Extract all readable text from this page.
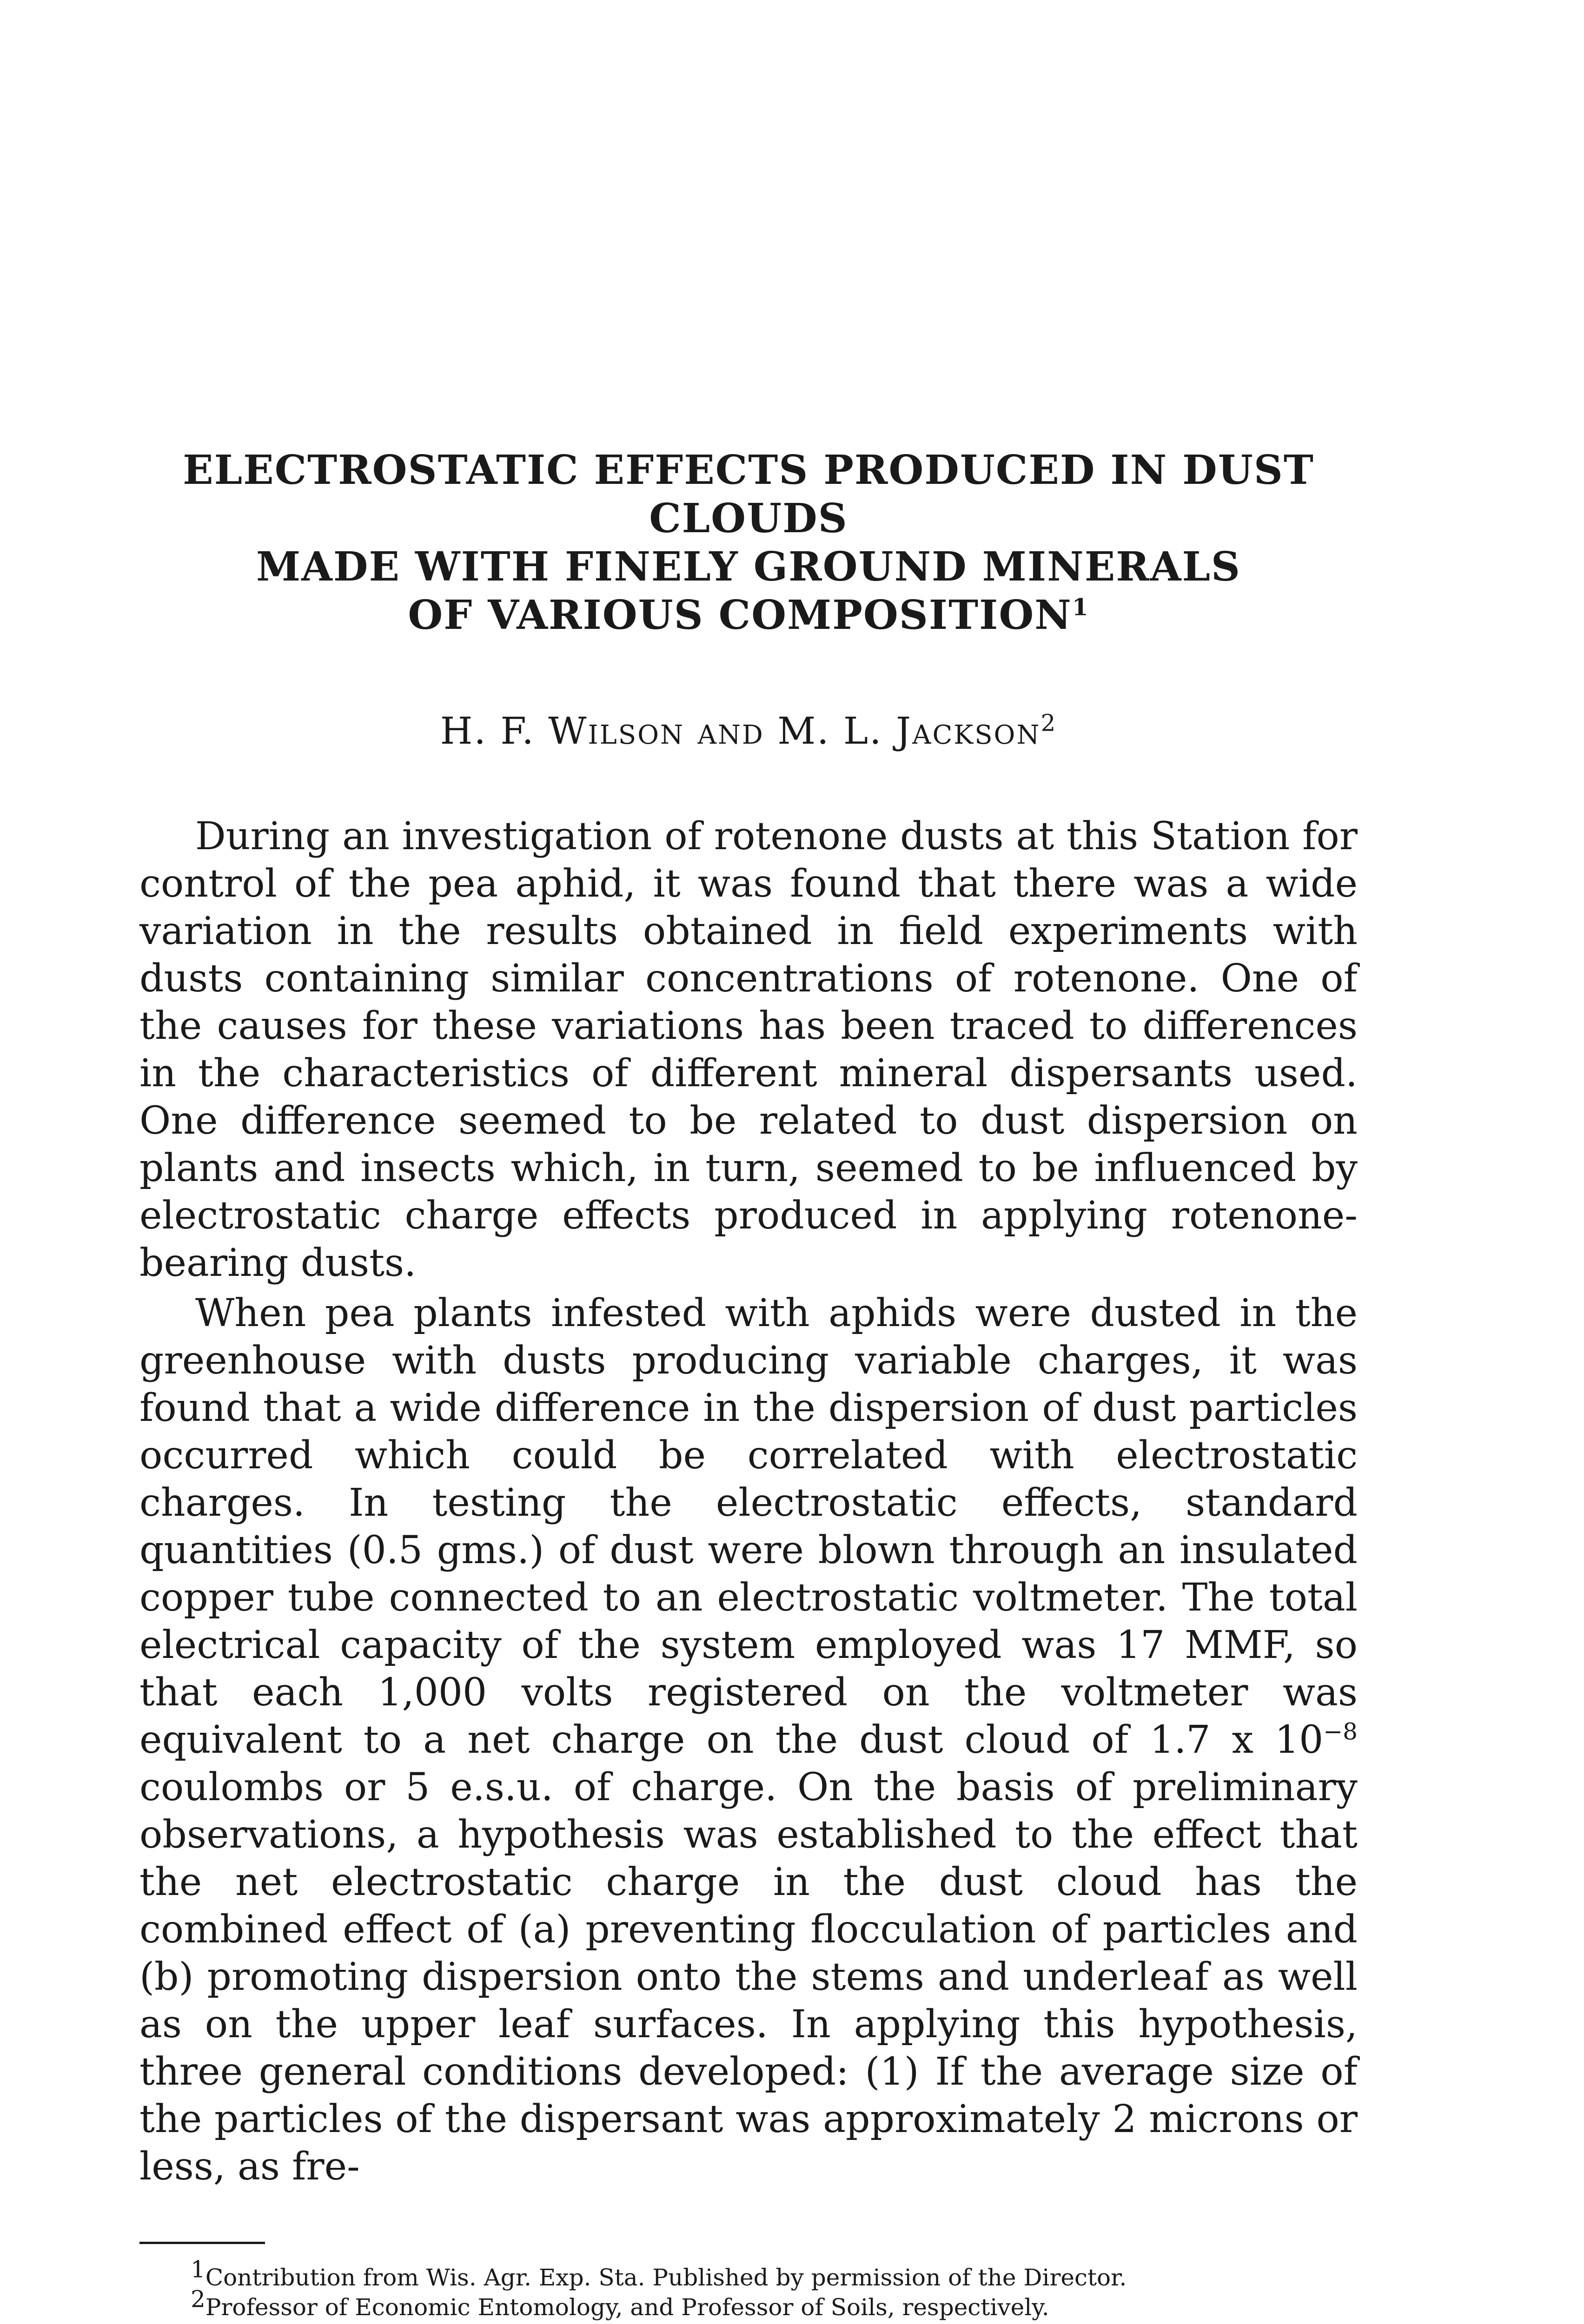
ELECTROSTATIC EFFECTS PRODUCED IN DUST CLOUDS
MADE WITH FINELY GROUND MINERALS
OF VARIOUS COMPOSITION$^1$
H. F. Wilson and M. L. Jackson$^2$

During an investigation of rotenone dusts at this Station for control of the pea aphid, it was found that there was a wide variation in the results obtained in field experiments with dusts containing similar concentrations of rotenone. One of the causes for these variations has been traced to differences in the characteristics of different mineral dispersants used. One difference seemed to be related to dust dispersion on plants and insects which, in turn, seemed to be influenced by electrostatic charge effects produced in applying rotenone-bearing dusts.

When pea plants infested with aphids were dusted in the greenhouse with dusts producing variable charges, it was found that a wide difference in the dispersion of dust particles occurred which could be correlated with electrostatic charges. In testing the electrostatic effects, standard quantities (0.5 gms.) of dust were blown through an insulated copper tube connected to an electrostatic voltmeter. The total electrical capacity of the system employed was 17 MMF, so that each 1,000 volts registered on the voltmeter was equivalent to a net charge on the dust cloud of 1.7 x $10^{-8}$ coulombs or 5 e.s.u. of charge. On the basis of preliminary observations, a hypothesis was established to the effect that the net electrostatic charge in the dust cloud has the combined effect of (a) preventing flocculation of particles and (b) promoting dispersion onto the stems and underleaf as well as on the upper leaf surfaces. In applying this hypothesis, three general conditions developed: (1) If the average size of the particles of the dispersant was approximately 2 microns or less, as fre-

$^1$Contribution from Wis. Agr. Exp. Sta. Published by permission of the Director.

$^2$Professor of Economic Entomology, and Professor of Soils, respectively.
